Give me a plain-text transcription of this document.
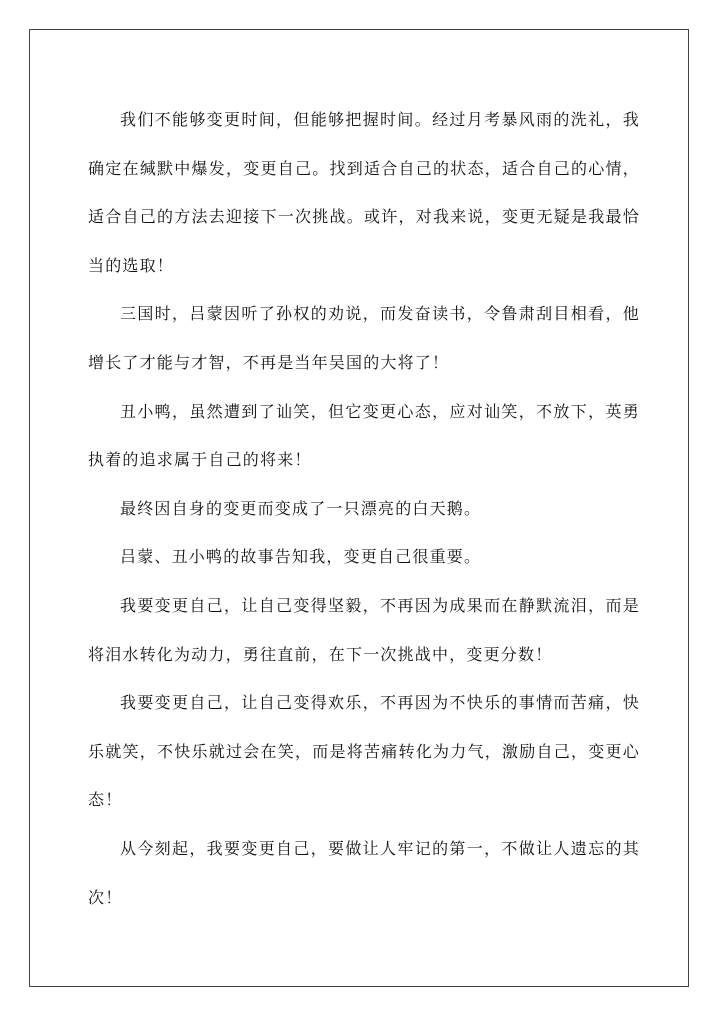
我们不能够变更时间，但能够把握时间。经过月考暴风雨的洗礼，我确定在缄默中爆发，变更自己。找到适合自己的状态，适合自己的心情，适合自己的方法去迎接下一次挑战。或许，对我来说，变更无疑是我最恰当的选取！

三国时，吕蒙因听了孙权的劝说，而发奋读书，令鲁肃刮目相看，他增长了才能与才智，不再是当年吴国的大将了！

丑小鸭，虽然遭到了讪笑，但它变更心态，应对讪笑，不放下，英勇执着的追求属于自己的将来！

最终因自身的变更而变成了一只漂亮的白天鹅。

吕蒙、丑小鸭的故事告知我，变更自己很重要。

我要变更自己，让自己变得坚毅，不再因为成果而在静默流泪，而是将泪水转化为动力，勇往直前，在下一次挑战中，变更分数！

我要变更自己，让自己变得欢乐，不再因为不快乐的事情而苦痛，快乐就笑，不快乐就过会在笑，而是将苦痛转化为力气，激励自己，变更心态！

从今刻起，我要变更自己，要做让人牢记的第一，不做让人遗忘的其次！
